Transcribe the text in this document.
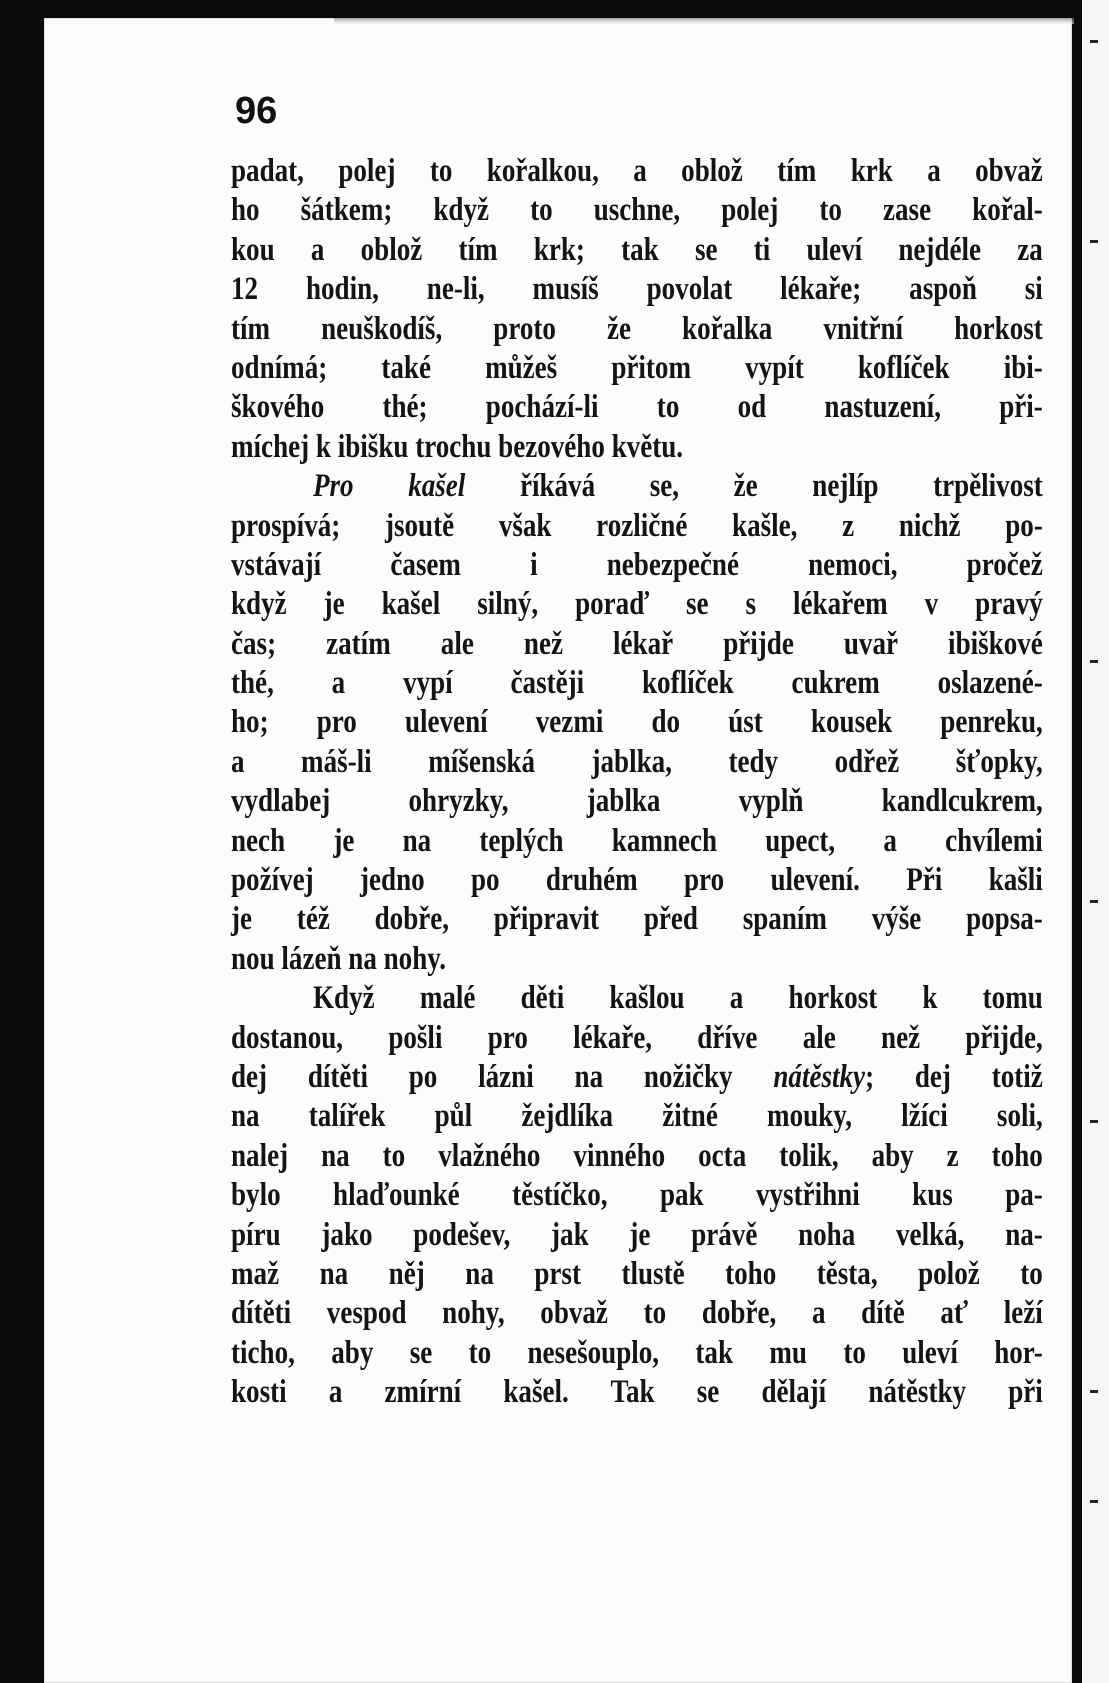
96
padat, polej to kořalkou, a oblož tím krk a obvaž
ho šátkem; když to uschne, polej to zase kořal-
kou a oblož tím krk; tak se ti uleví nejdéle za
12 hodin, ne-li, musíš povolat lékaře; aspoň si
tím neuškodíš, proto že kořalka vnitřní horkost
odnímá; také můžeš přitom vypít koflíček ibi-
škového thé; pochází-li to od nastuzení, při-
míchej k ibišku trochu bezového květu.
Pro kašel říkává se, že nejlíp trpělivost
prospívá; jsoutě však rozličné kašle, z nichž po-
vstávají časem i nebezpečné nemoci, pročež
když je kašel silný, poraď se s lékařem v pravý
čas; zatím ale než lékař přijde uvař ibiškové
thé, a vypí častěji koflíček cukrem oslazené-
ho; pro ulevení vezmi do úst kousek penreku,
a máš-li míšenská jablka, tedy odřež šťopky,
vydlabej ohryzky, jablka vyplň kandlcukrem,
nech je na teplých kamnech upect, a chvílemi
požívej jedno po druhém pro ulevení. Při kašli
je též dobře, připravit před spaním výše popsa-
nou lázeň na nohy.
Když malé děti kašlou a horkost k tomu
dostanou, pošli pro lékaře, dříve ale než přijde,
dej dítěti po lázni na nožičky nátěstky; dej totiž
na talířek půl žejdlíka žitné mouky, lžíci soli,
nalej na to vlažného vinného octa tolik, aby z toho
bylo hlaďounké těstíčko, pak vystřihni kus pa-
píru jako podešev, jak je právě noha velká, na-
maž na něj na prst tlustě toho těsta, polož to
dítěti vespod nohy, obvaž to dobře, a dítě ať leží
ticho, aby se to nesešouplo, tak mu to uleví hor-
kosti a zmírní kašel. Tak se dělají nátěstky při
